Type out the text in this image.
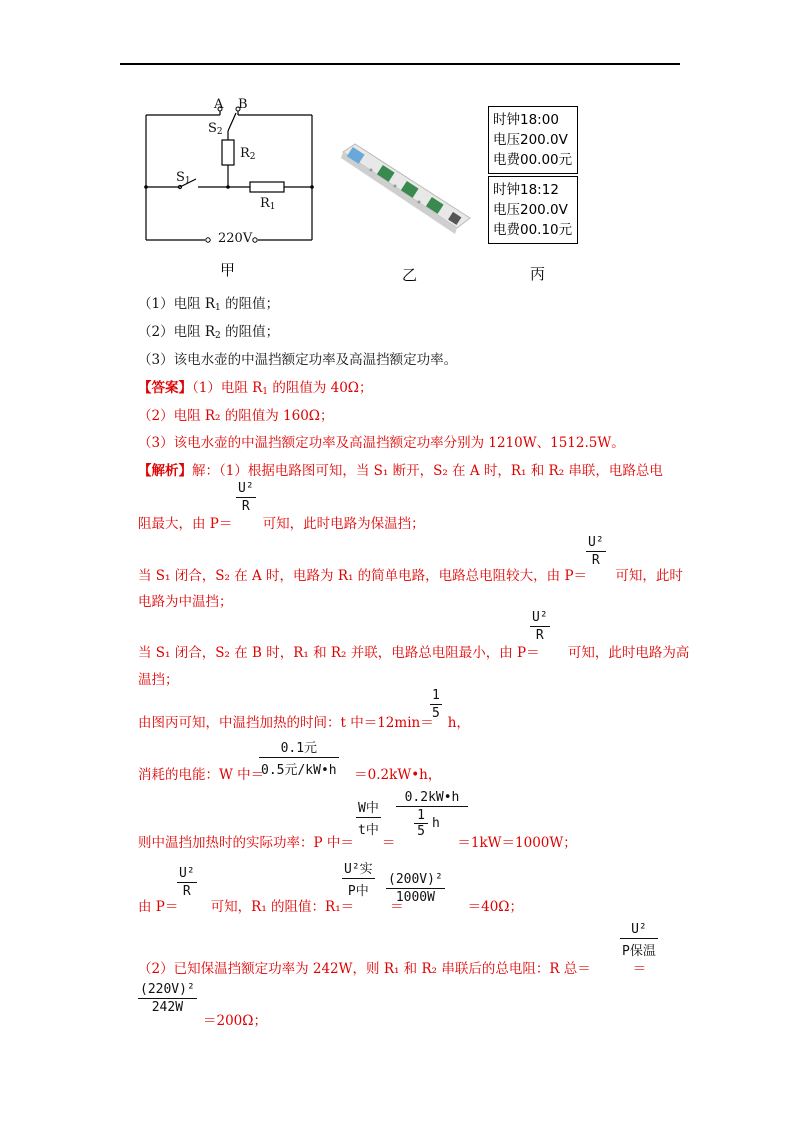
A B
$S_2$
$R_2$
$S_1$
$R_1$
220V
时钟18:00
电压200.0V
电费00.00元
时钟18:12
电压200.0V
电费00.10元
甲	乙	丙
（1）电阻 $R_1$ 的阻值；
（2）电阻 $R_2$ 的阻值；
（3）该电水壶的中温挡额定功率及高温挡额定功率。
【答案】（1）电阻 $R_1$ 的阻值为 40Ω；
（2）电阻 R₂ 的阻值为 160Ω；
（3）该电水壶的中温挡额定功率及高温挡额定功率分别为 1210W、1512.5W。
【解析】解：（1）根据电路图可知，当 S₁ 断开，S₂ 在 A 时，R₁ 和 R₂ 串联，电路总电
阻最大，由 P＝ 可知，此时电路为保温挡；
U²
R
当 S₁ 闭合，S₂ 在 A 时，电路为 R₁ 的简单电路，电路总电阻较大，由 P＝ 可知，此时
U²
R
电路为中温挡；
当 S₁ 闭合，S₂ 在 B 时，R₁ 和 R₂ 并联，电路总电阻最小，由 P＝ 可知，此时电路为高
U²
R
温挡；
由图丙可知，中温挡加热的时间：t 中＝12min＝ h，
1
5
消耗的电能：W 中＝	＝0.2kW•h，
0.1元
0.5元/kW•h
则中温挡加热时的实际功率：P 中＝ ＝	＝1kW＝1000W；
W中
t中
0.2kW•h
1
5
h
由 P＝ 可知，R₁ 的阻值：R₁＝	＝	＝40Ω；
U²
R
U²实
P中
(200V)²
1000W
（2）已知保温挡额定功率为 242W，则 R₁ 和 R₂ 串联后的总电阻：R 总＝	＝
U²
P保温
(220V)²
242W
＝200Ω；
